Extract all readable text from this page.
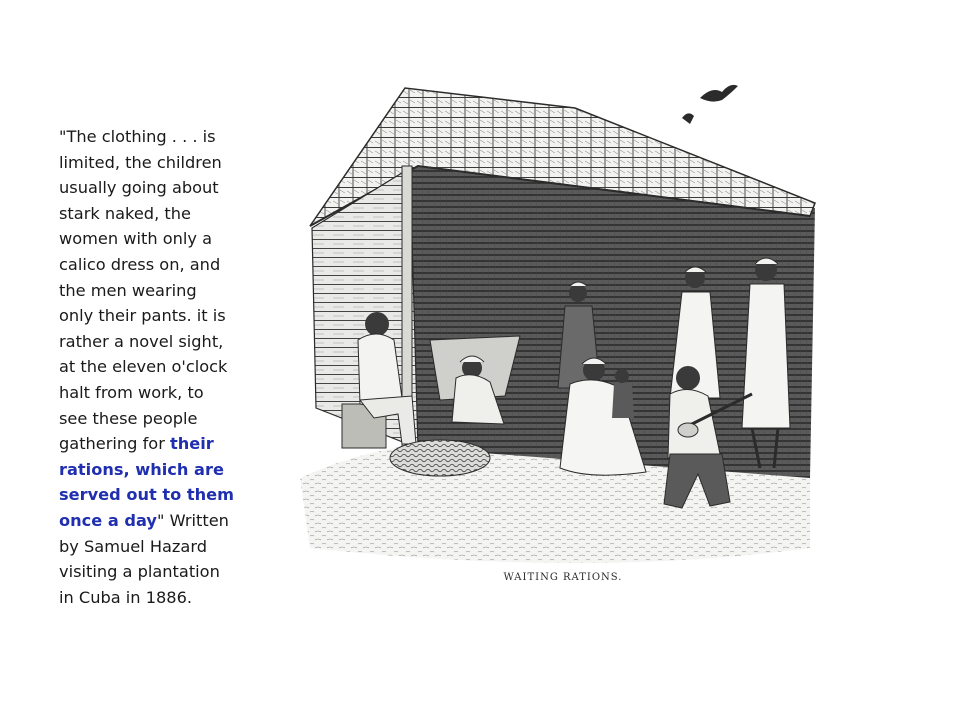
"The clothing . . . is limited, the children usually going about stark naked, the women with only a calico dress on, and the men wearing only their pants. it is rather a novel sight, at the eleven o'clock halt from work, to see these people gathering for their rations, which are served out to them once a day" Written by Samuel Hazard visiting a plantation in Cuba in 1886.

WAITING RATIONS.
